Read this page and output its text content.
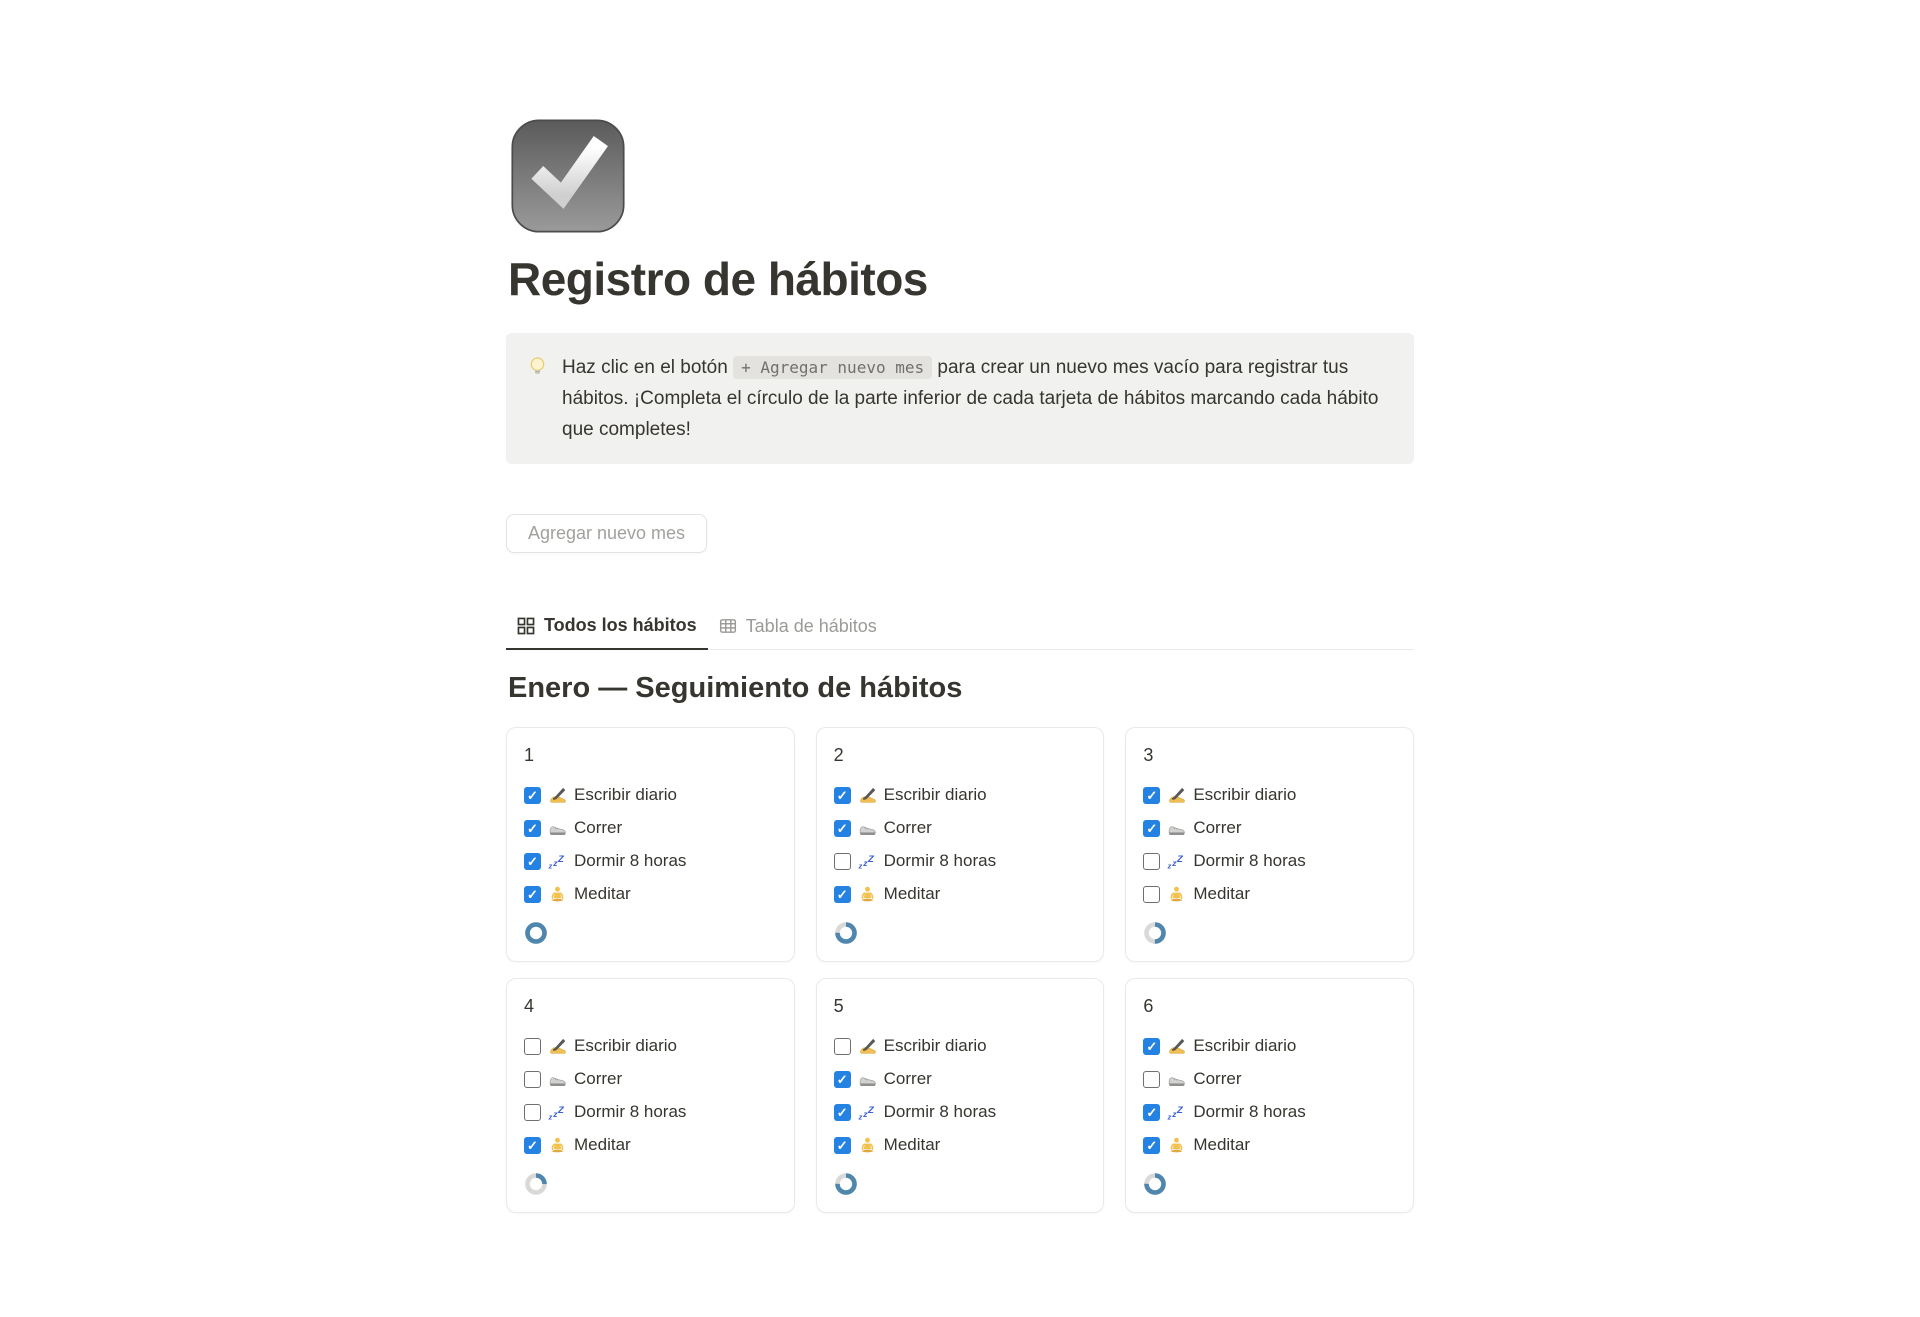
Registro de hábitos
Haz clic en el botón + Agregar nuevo mes para crear un nuevo mes vacío para registrar tus hábitos. ¡Completa el círculo de la parte inferior de cada tarjeta de hábitos marcando cada hábito que completes!
Agregar nuevo mes
Todos los hábitos	Tabla de hábitos
Enero — Seguimiento de hábitos
1
✓
Escribir diario
✓
Correr
✓
Dormir 8 horas
✓
Meditar
2
✓
Escribir diario
✓
Correr
Dormir 8 horas
✓
Meditar
3
✓
Escribir diario
✓
Correr
Dormir 8 horas
Meditar
4
Escribir diario
Correr
Dormir 8 horas
✓
Meditar
5
Escribir diario
✓
Correr
✓
Dormir 8 horas
✓
Meditar
6
✓
Escribir diario
Correr
✓
Dormir 8 horas
✓
Meditar
